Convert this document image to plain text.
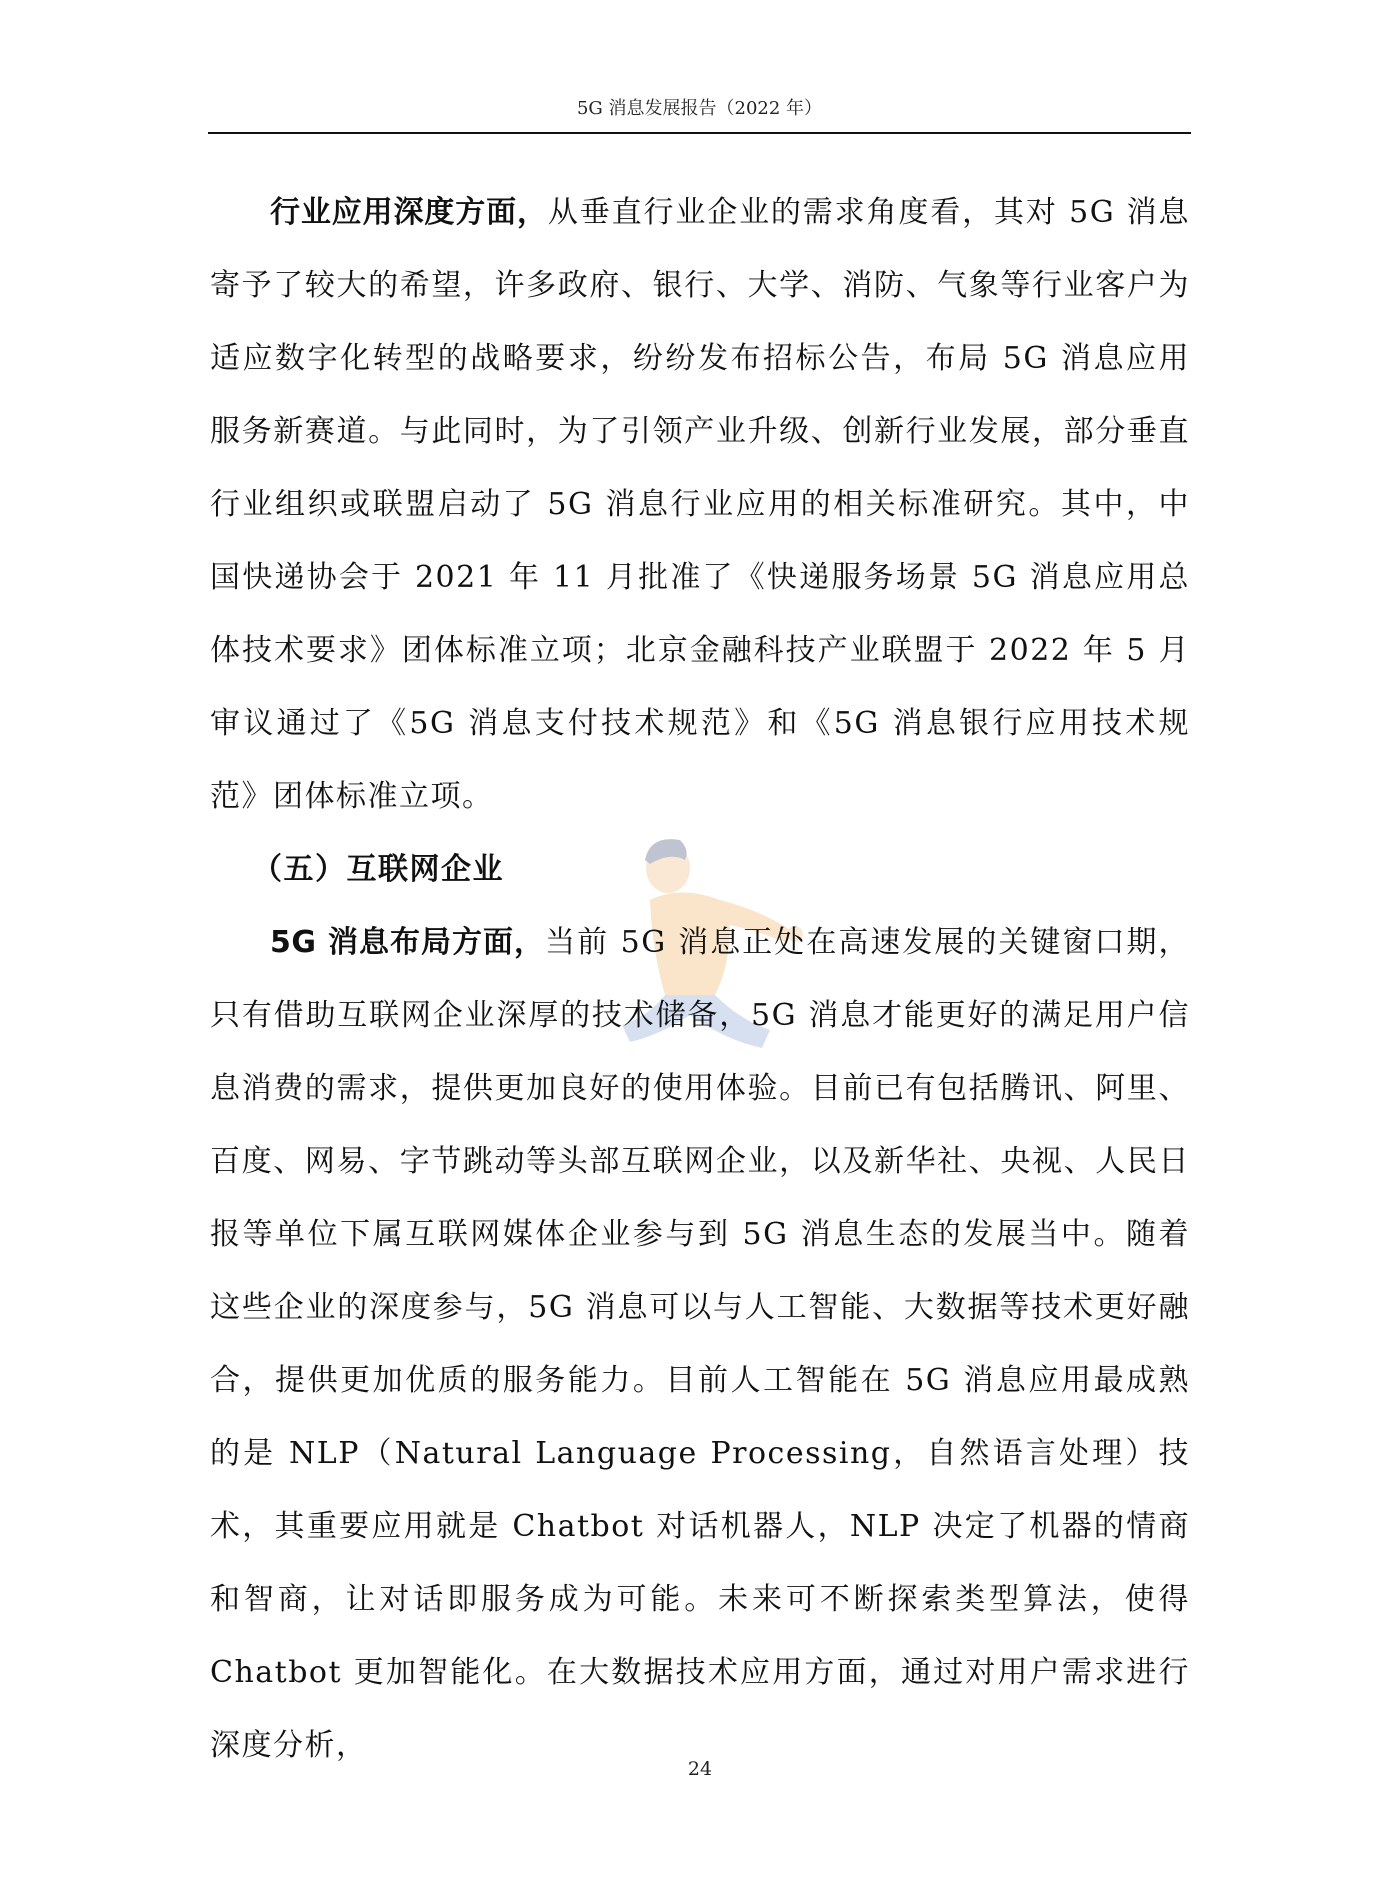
5G 消息发展报告（2022 年）

行业应用深度方面，从垂直行业企业的需求角度看，其对 5G 消息寄予了较大的希望，许多政府、银行、大学、消防、气象等行业客户为适应数字化转型的战略要求，纷纷发布招标公告，布局 5G 消息应用服务新赛道。与此同时，为了引领产业升级、创新行业发展，部分垂直行业组织或联盟启动了 5G 消息行业应用的相关标准研究。其中，中国快递协会于 2021 年 11 月批准了《快递服务场景 5G 消息应用总体技术要求》团体标准立项；北京金融科技产业联盟于 2022 年 5 月审议通过了《5G 消息支付技术规范》和《5G 消息银行应用技术规范》团体标准立项。

（五）互联网企业

5G 消息布局方面，当前 5G 消息正处在高速发展的关键窗口期，只有借助互联网企业深厚的技术储备，5G 消息才能更好的满足用户信息消费的需求，提供更加良好的使用体验。目前已有包括腾讯、阿里、百度、网易、字节跳动等头部互联网企业，以及新华社、央视、人民日报等单位下属互联网媒体企业参与到 5G 消息生态的发展当中。随着这些企业的深度参与，5G 消息可以与人工智能、大数据等技术更好融合，提供更加优质的服务能力。目前人工智能在 5G 消息应用最成熟的是 NLP（Natural Language Processing，自然语言处理）技术，其重要应用就是 Chatbot 对话机器人，NLP 决定了机器的情商和智商，让对话即服务成为可能。未来可不断探索类型算法，使得 Chatbot 更加智能化。在大数据技术应用方面，通过对用户需求进行深度分析，

24
